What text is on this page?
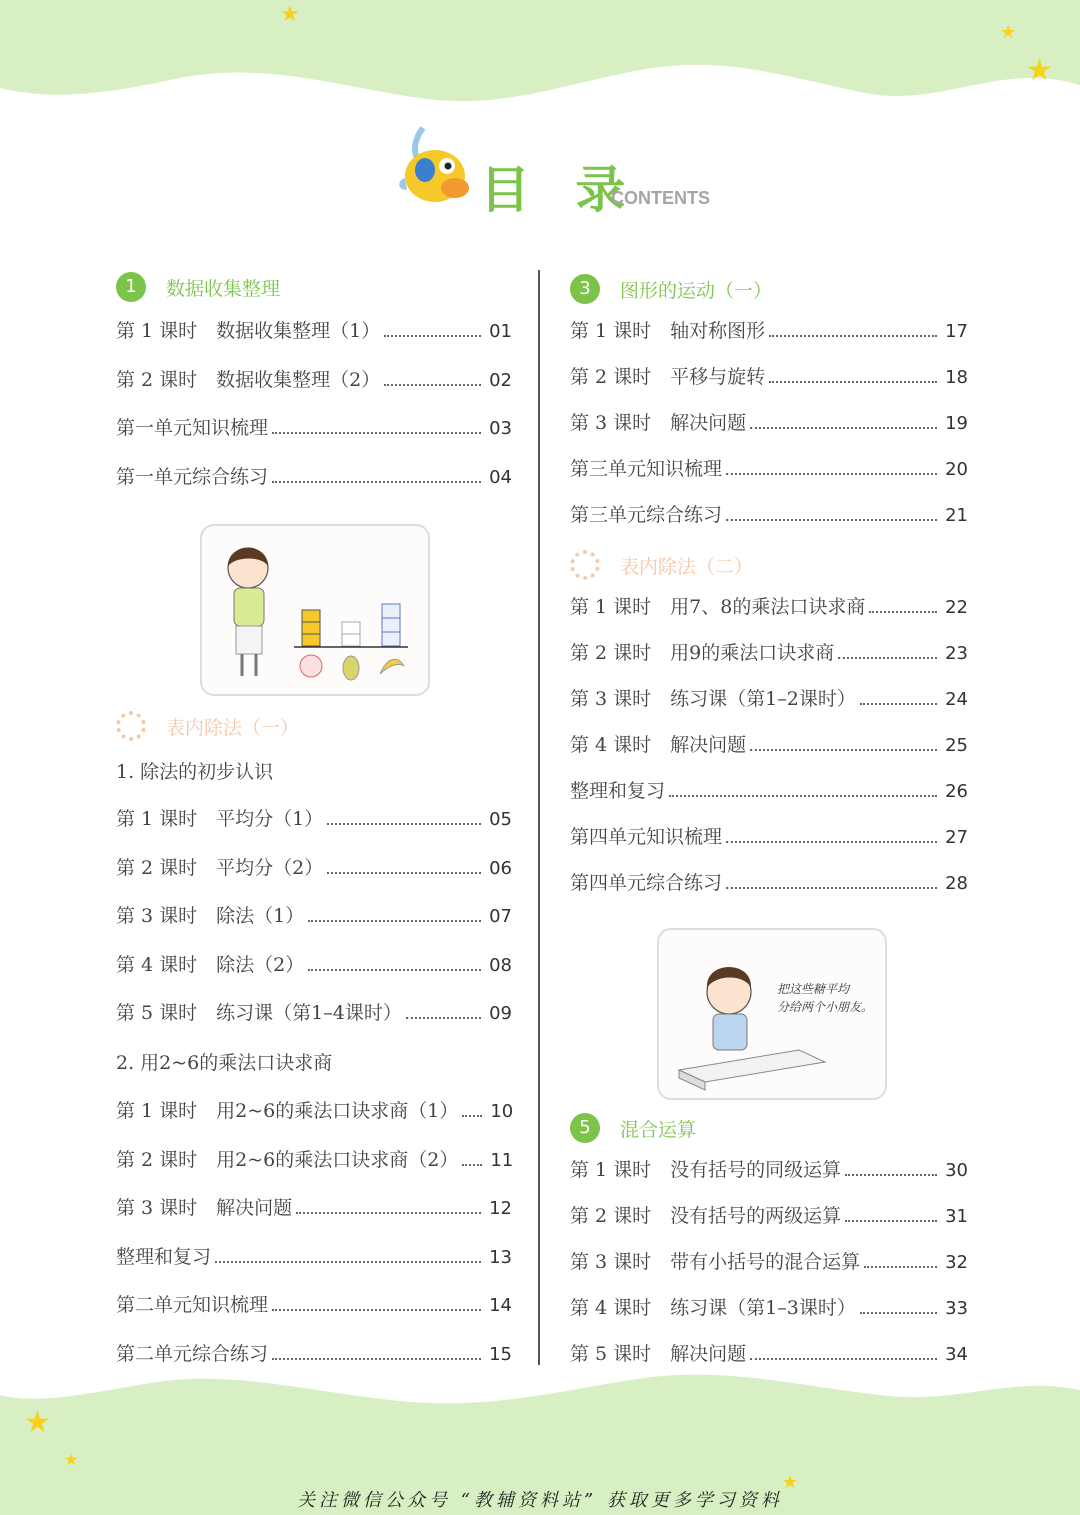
★
★
★
★
★
★
目 录
CONTENTS
1	数据收集整理
第 1 课时　数据收集整理（1）	01
第 2 课时　数据收集整理（2）	02
第一单元知识梳理	03
第一单元综合练习	04
表内除法（一）
1. 除法的初步认识
第 1 课时　平均分（1）	05
第 2 课时　平均分（2）	06
第 3 课时　除法（1）	07
第 4 课时　除法（2）	08
第 5 课时　练习课（第1–4课时）	09
2. 用2~6的乘法口诀求商
第 1 课时　用2~6的乘法口诀求商（1） 10
第 2 课时　用2~6的乘法口诀求商（2） 11
第 3 课时　解决问题	12
整理和复习	13
第二单元知识梳理	14
第二单元综合练习	15
3	图形的运动（一）
第 1 课时　轴对称图形	17
第 2 课时　平移与旋转	18
第 3 课时　解决问题	19
第三单元知识梳理	20
第三单元综合练习	21
表内除法（二）
第 1 课时　用7、8的乘法口诀求商	22
第 2 课时　用9的乘法口诀求商	23
第 3 课时　练习课（第1–2课时）	24
第 4 课时　解决问题	25
整理和复习	26
第四单元知识梳理	27
第四单元综合练习	28
把这些糖平均
分给两个小朋友。
5	混合运算
第 1 课时　没有括号的同级运算	30
第 2 课时　没有括号的两级运算	31
第 3 课时　带有小括号的混合运算	32
第 4 课时　练习课（第1–3课时）	33
第 5 课时　解决问题	34
关注微信公众号 “教辅资料站” 获取更多学习资料
